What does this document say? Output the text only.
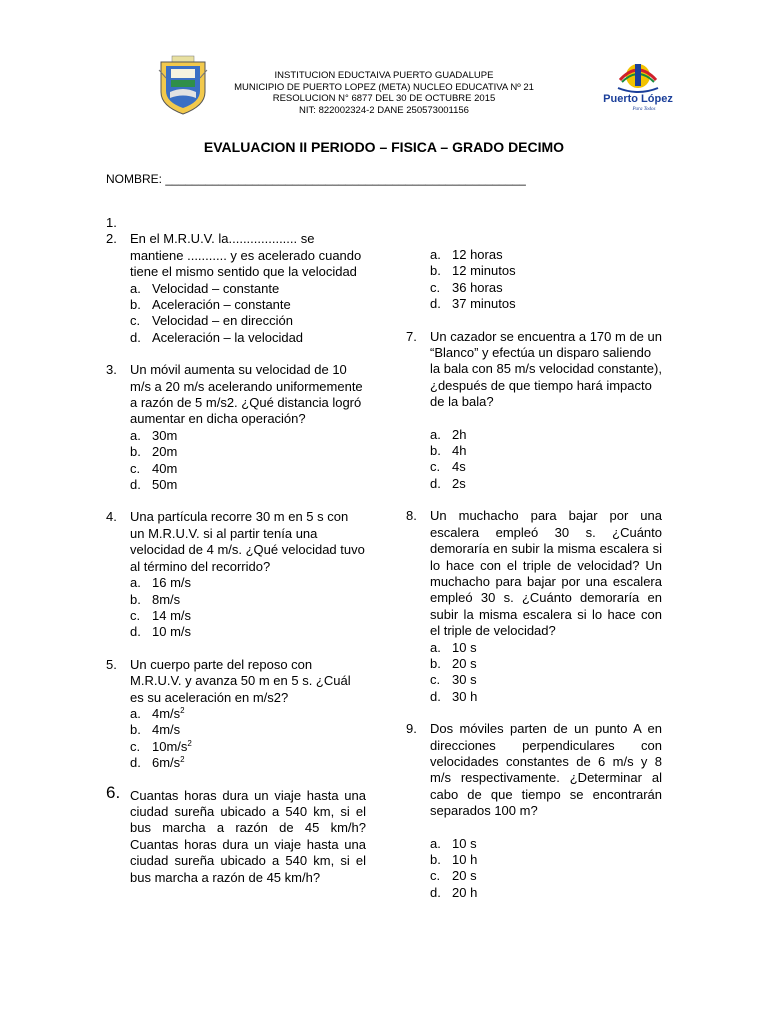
INSTITUCION EDUCTAIVA PUERTO GUADALUPE
MUNICIPIO DE PUERTO LOPEZ (META) NUCLEO EDUCATIVA Nº 21
RESOLUCION N° 6877 DEL 30 DE OCTUBRE 2015
NIT: 822002324-2 DANE 250573001156
Puerto López
Para Todos
EVALUACION II PERIODO – FISICA – GRADO DECIMO
NOMBRE: ______________________________________________________
1.
2. En el M.R.U.V. la................... se mantiene ........... y es acelerado cuando tiene el mismo sentido que la velocidad
a. Velocidad – constante
b. Aceleración – constante
c. Velocidad – en dirección
d. Aceleración – la velocidad
3. Un móvil aumenta su velocidad de 10 m/s a 20 m/s acelerando uniformemente a razón de 5 m/s2. ¿Qué distancia logró aumentar en dicha operación?
a. 30m
b. 20m
c. 40m
d. 50m
4. Una partícula recorre 30 m en 5 s con un M.R.U.V. si al partir tenía una velocidad de 4 m/s. ¿Qué velocidad tuvo al término del recorrido?
a. 16 m/s
b. 8m/s
c. 14 m/s
d. 10 m/s
5. Un cuerpo parte del reposo con M.R.U.V. y avanza 50 m en 5 s. ¿Cuál es su aceleración en m/s2?
a. $4m/s^2$
b. 4m/s
c. $10m/s^2$
d. $6m/s^2$
6. Cuantas horas dura un viaje hasta una ciudad sureña ubicado a 540 km, si el bus marcha a razón de 45 km/h? Cuantas horas dura un viaje hasta una ciudad sureña ubicado a 540 km, si el bus marcha a razón de 45 km/h?
a. 12 horas
b. 12 minutos
c. 36 horas
d. 37 minutos
7. Un cazador se encuentra a 170 m de un “Blanco” y efectúa un disparo saliendo la bala con 85 m/s velocidad constante), ¿después de que tiempo hará impacto de la bala?
a. 2h
b. 4h
c. 4s
d. 2s
8. Un muchacho para bajar por una escalera empleó 30 s. ¿Cuánto demoraría en subir la misma escalera si lo hace con el triple de velocidad? Un muchacho para bajar por una escalera empleó 30 s. ¿Cuánto demoraría en subir la misma escalera si lo hace con el triple de velocidad?
a. 10 s
b. 20 s
c. 30 s
d. 30 h
9. Dos móviles parten de un punto A en direcciones perpendiculares con velocidades constantes de 6 m/s y 8 m/s respectivamente. ¿Determinar al cabo de que tiempo se encontrarán separados 100 m?
a. 10 s
b. 10 h
c. 20 s
d. 20 h
